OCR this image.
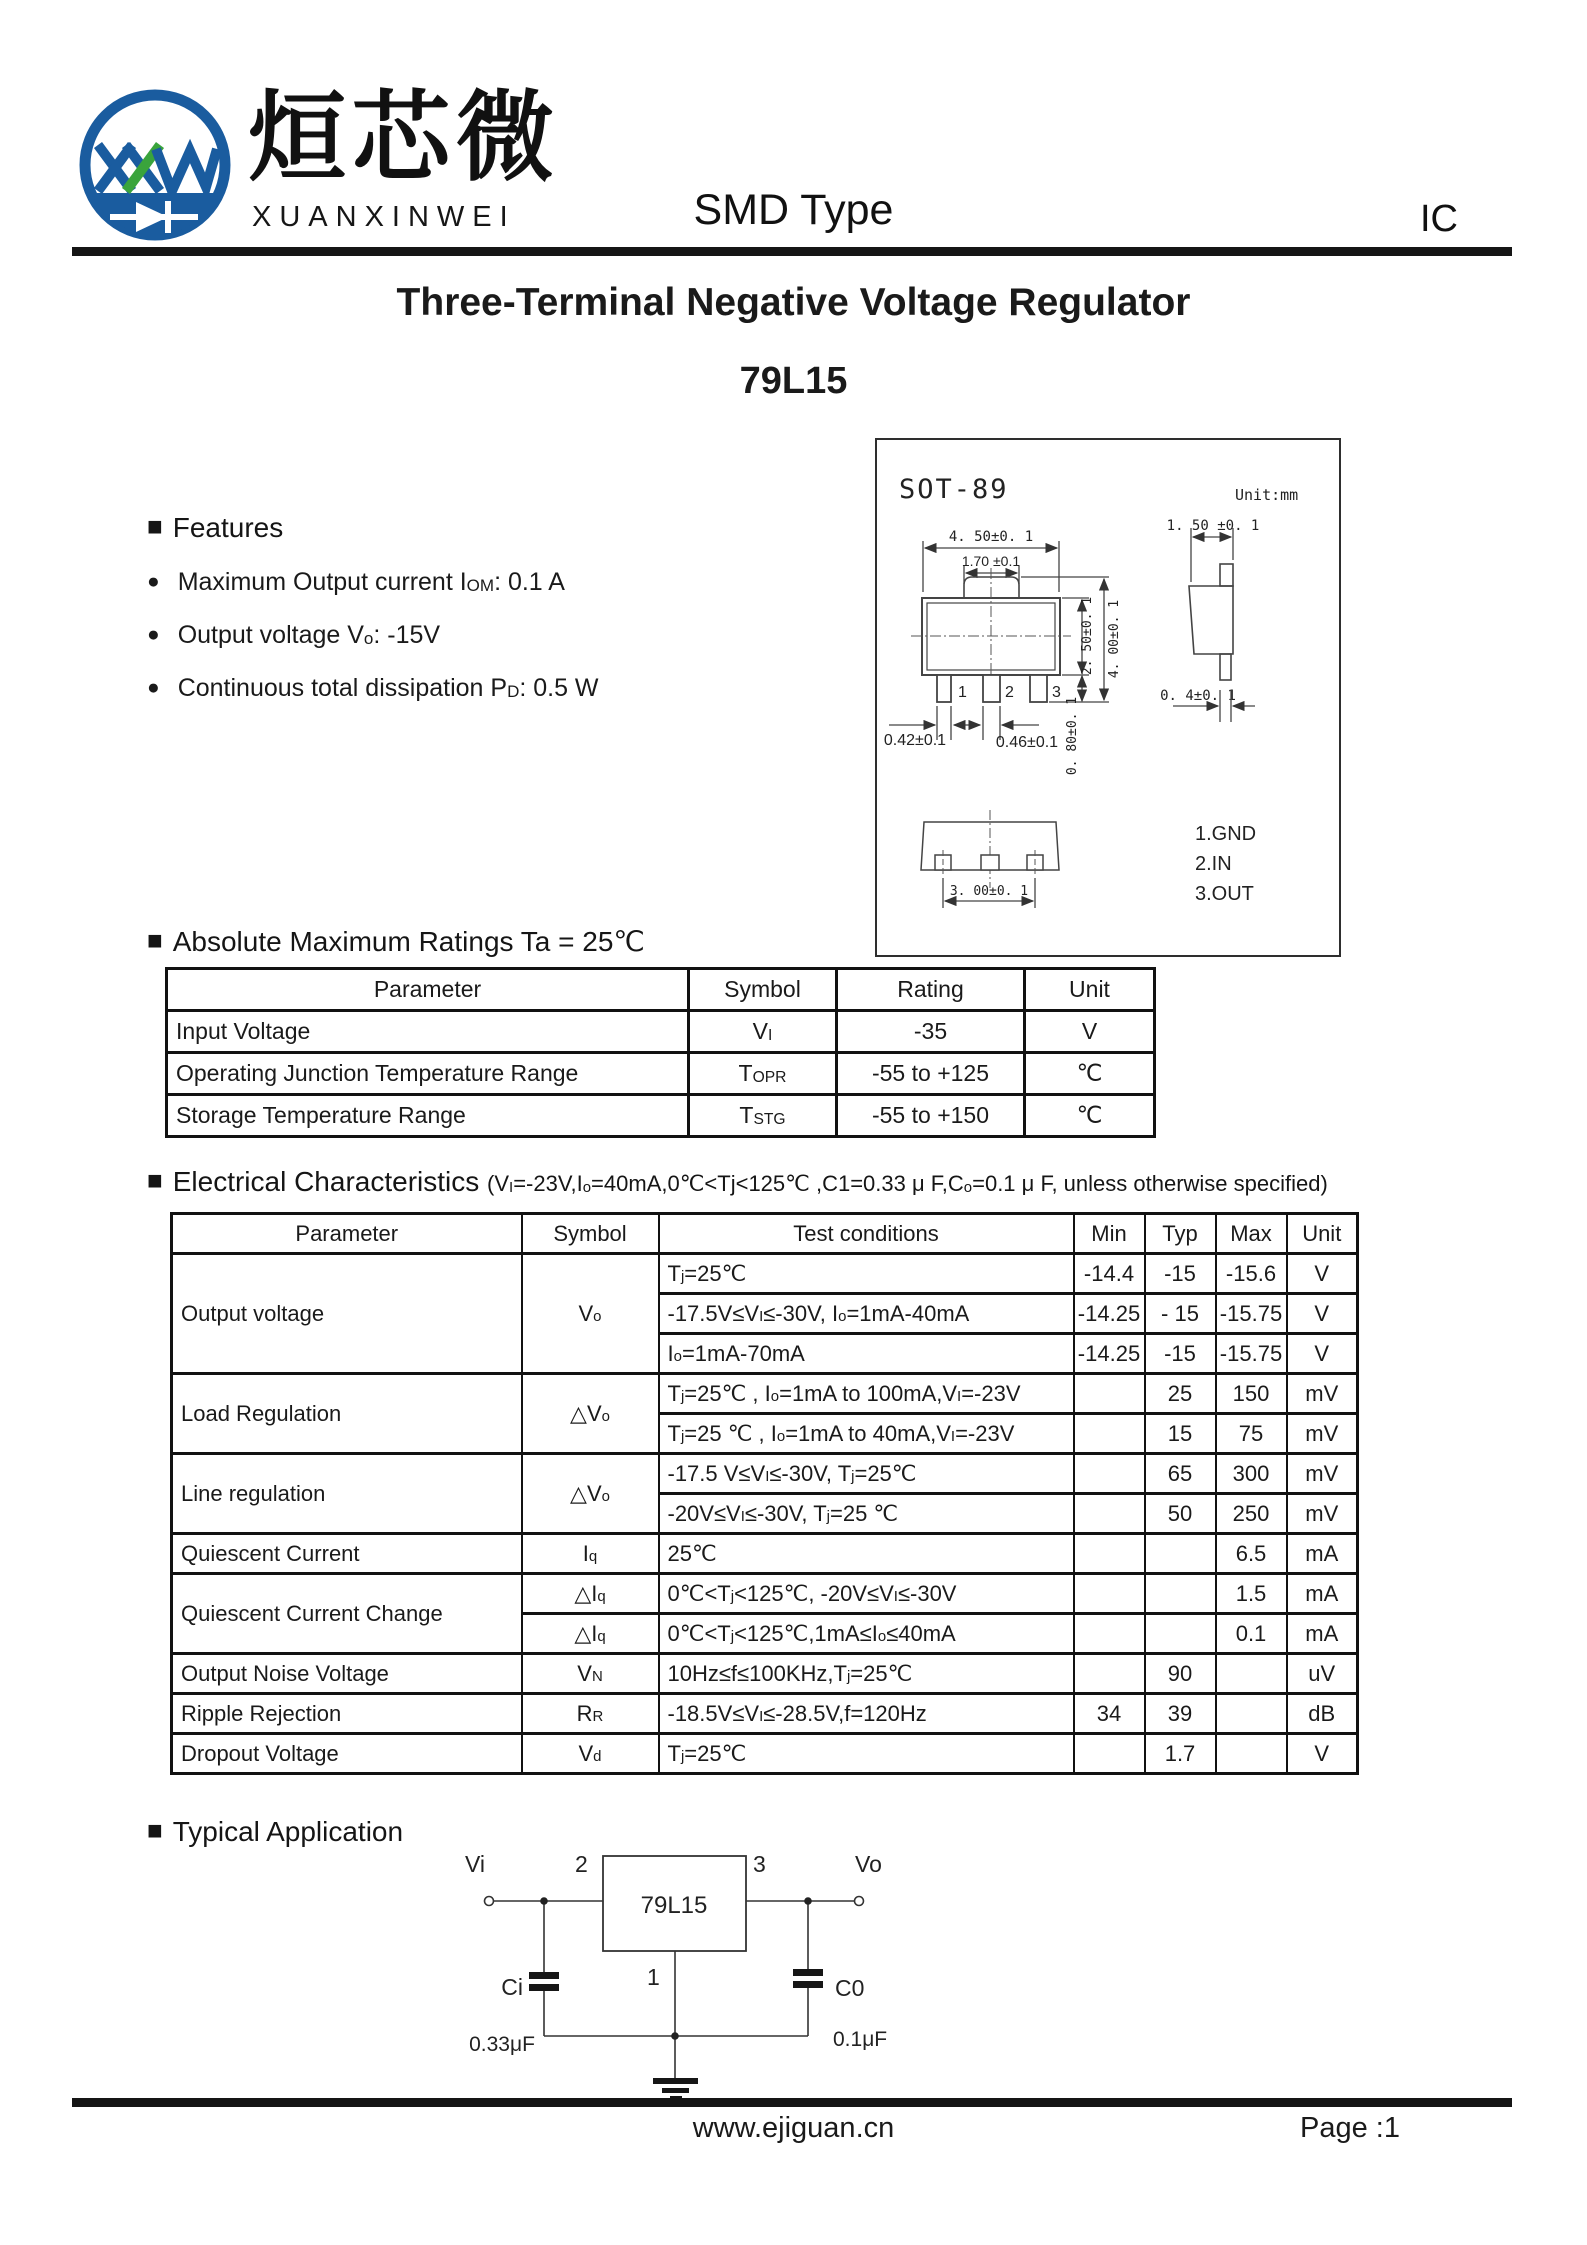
烜芯微
XUANXINWEI	SMD Type	IC
Three-Terminal Negative Voltage Regulator
79L15
■ Features
● Maximum Output current $I_{OM}$: 0.1 A
● Output voltage $V_o$: -15V
● Continuous total dissipation $P_D$: 0.5 W
SOT-89	Unit:mm
4. 50±0. 1
1.70 ±0.1
1 2 3
2. 50±0. 1 4. 00±0. 1
0. 80±0. 1
0.42±0.1	0.46±0.1
1. 50 ±0. 1
0. 4±0. 1
3. 00±0. 1
1.GND
2.IN
3.OUT
■ Absolute Maximum Ratings Ta = 25℃
Parameter	Symbol	Rating	Unit
Input Voltage	$V_I$	-35	V
Operating Junction Temperature Range	$T_{OPR}$	-55 to +125	℃
Storage Temperature Range	$T_{STG}$	-55 to +150	℃
■ Electrical Characteristics ($V_I=-23V,I_o=40mA,0℃<Tj<125℃$ ,C1=0.33 μ $F,C_o=0.1$ μ F, unless otherwise specified)
Parameter	Symbol	Test conditions	Min	Typ	Max	Unit
Output voltage	$V_o$	$T_j=25℃$	-14.4	-15	-15.6	V
		$-17.5V\le V_I\le-30V$, $I_o=1mA-40mA$	-14.25	- 15	-15.75	V
		$I_o=1mA-70mA$	-14.25	-15	-15.75	V
Load Regulation	$\triangle V_o$	$T_j=25℃$ , $I_o=1mA$ to $100mA,V_I=-23V$		25	150	mV
		$T_j=25$ ℃ , $I_o=1mA$ to $40mA,V_I=-23V$		15	75	mV
Line regulation	$\triangle V_o$	-17.5 $V\le V_I\le-30V$, $T_j=25℃$		65	300	mV
		$-20V\le V_I\le-30V$, $T_j=25$ ℃		50	250	mV
Quiescent Current	$I_q$	25℃			6.5	mA
Quiescent Current Change	$\triangle I_q$	$0℃<T_j<125℃$, $-20V\le V_I\le-30V$			1.5	mA
	$\triangle I_q$	$0℃<T_j<125℃,1mA\le I_o\le 40mA$			0.1	mA
Output Noise Voltage	$V_N$	$10Hz\le f\le 100KHz,T_j=25℃$		90		uV
Ripple Rejection	$R_R$	$-18.5V\le V_I\le-28.5V,f=120Hz$	34	39		dB
Dropout Voltage	$V_d$	$T_j=25℃$		1.7		V
■ Typical Application
Vi	Vo
2	3
79L15
1
Ci
0.33μF
C0
0.1μF
www.ejiguan.cn	Page :1
